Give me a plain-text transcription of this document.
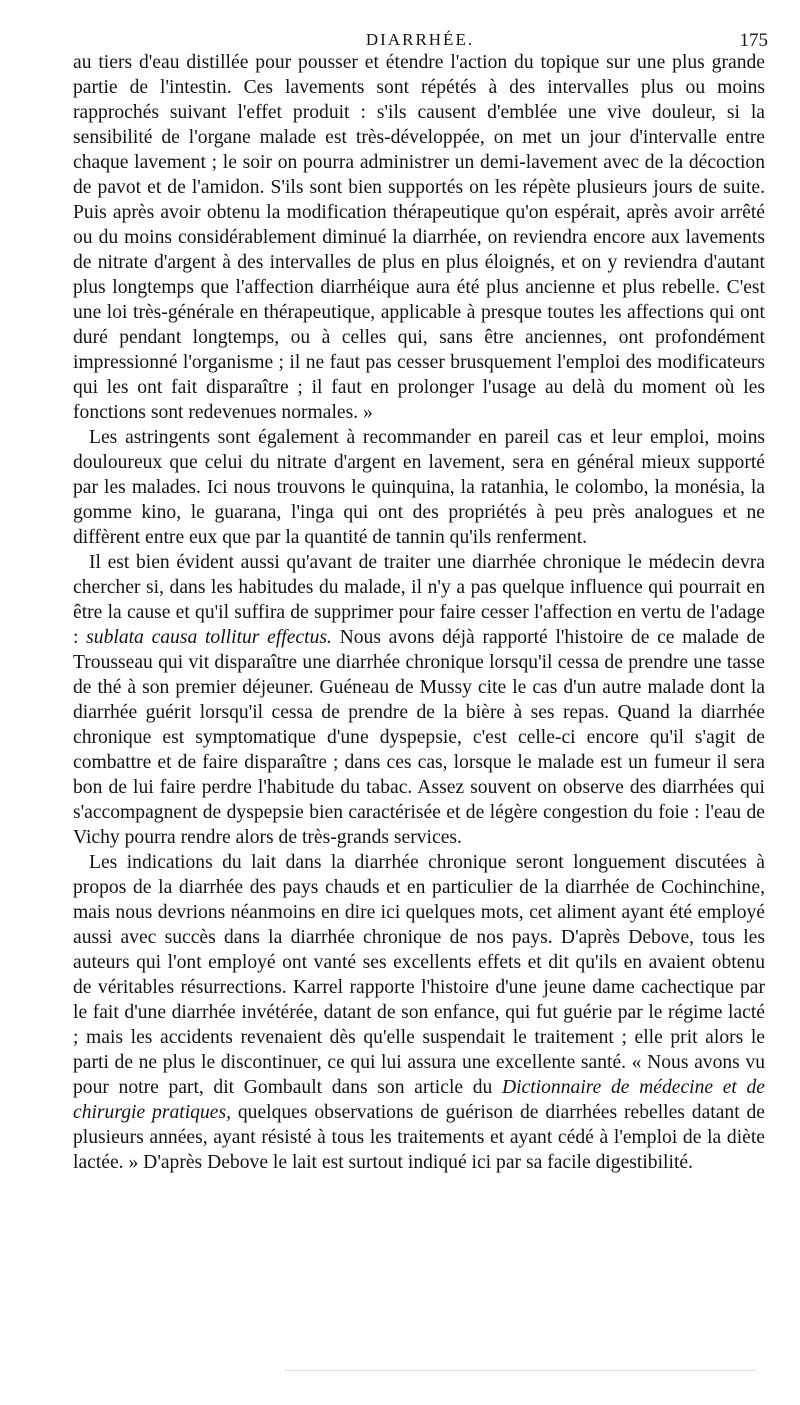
DIARRHÉE.	175

au tiers d'eau distillée pour pousser et étendre l'action du topique sur une plus grande partie de l'intestin. Ces lavements sont répétés à des intervalles plus ou moins rapprochés suivant l'effet produit : s'ils causent d'emblée une vive douleur, si la sensibilité de l'organe malade est très-développée, on met un jour d'intervalle entre chaque lavement ; le soir on pourra administrer un demi-lavement avec de la décoction de pavot et de l'amidon. S'ils sont bien supportés on les répète plusieurs jours de suite. Puis après avoir obtenu la modification thérapeutique qu'on espérait, après avoir arrêté ou du moins considérablement diminué la diarrhée, on reviendra encore aux lavements de nitrate d'argent à des intervalles de plus en plus éloignés, et on y reviendra d'autant plus longtemps que l'affection diarrhéique aura été plus ancienne et plus rebelle. C'est une loi très-générale en thérapeutique, applicable à presque toutes les affections qui ont duré pendant longtemps, ou à celles qui, sans être anciennes, ont profondément impressionné l'organisme ; il ne faut pas cesser brusquement l'emploi des modificateurs qui les ont fait disparaître ; il faut en prolonger l'usage au delà du moment où les fonctions sont redevenues normales. »

Les astringents sont également à recommander en pareil cas et leur emploi, moins douloureux que celui du nitrate d'argent en lavement, sera en général mieux supporté par les malades. Ici nous trouvons le quinquina, la ratanhia, le colombo, la monésia, la gomme kino, le guarana, l'inga qui ont des propriétés à peu près analogues et ne diffèrent entre eux que par la quantité de tannin qu'ils renferment.

Il est bien évident aussi qu'avant de traiter une diarrhée chronique le médecin devra chercher si, dans les habitudes du malade, il n'y a pas quelque influence qui pourrait en être la cause et qu'il suffira de supprimer pour faire cesser l'affection en vertu de l'adage : sublata causa tollitur effectus. Nous avons déjà rapporté l'histoire de ce malade de Trousseau qui vit disparaître une diarrhée chronique lorsqu'il cessa de prendre une tasse de thé à son premier déjeuner. Guéneau de Mussy cite le cas d'un autre malade dont la diarrhée guérit lorsqu'il cessa de prendre de la bière à ses repas. Quand la diarrhée chronique est symptomatique d'une dyspepsie, c'est celle-ci encore qu'il s'agit de combattre et de faire disparaître ; dans ces cas, lorsque le malade est un fumeur il sera bon de lui faire perdre l'habitude du tabac. Assez souvent on observe des diarrhées qui s'accompagnent de dyspepsie bien caractérisée et de légère congestion du foie : l'eau de Vichy pourra rendre alors de très-grands services.

Les indications du lait dans la diarrhée chronique seront longuement discutées à propos de la diarrhée des pays chauds et en particulier de la diarrhée de Cochinchine, mais nous devrions néanmoins en dire ici quelques mots, cet aliment ayant été employé aussi avec succès dans la diarrhée chronique de nos pays. D'après Debove, tous les auteurs qui l'ont employé ont vanté ses excellents effets et dit qu'ils en avaient obtenu de véritables résurrections. Karrel rapporte l'histoire d'une jeune dame cachectique par le fait d'une diarrhée invétérée, datant de son enfance, qui fut guérie par le régime lacté ; mais les accidents revenaient dès qu'elle suspendait le traitement ; elle prit alors le parti de ne plus le discontinuer, ce qui lui assura une excellente santé. « Nous avons vu pour notre part, dit Gombault dans son article du Dictionnaire de médecine et de chirurgie pratiques, quelques observations de guérison de diarrhées rebelles datant de plusieurs années, ayant résisté à tous les traitements et ayant cédé à l'emploi de la diète lactée. » D'après Debove le lait est surtout indiqué ici par sa facile digestibilité.
